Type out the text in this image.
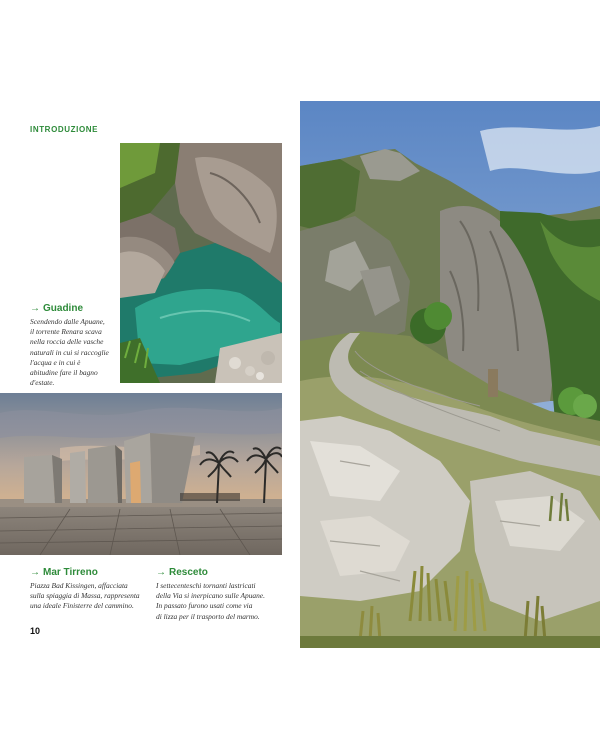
INTRODUZIONE
→ Guadine
Scendendo dalle Apuane,
il torrente Renara scava
nella roccia delle vasche
naturali in cui si raccoglie
l'acqua e in cui è
abitudine fare il bagno
d'estate.
→ Mar Tirreno
Piazza Bad Kissingen, affacciata
sulla spiaggia di Massa, rappresenta
una ideale Finisterre del cammino.
→ Resceto
I settecenteschi tornanti lastricati
della Via si inerpicano sulle Apuane.
In passato furono usati come via
di lizza per il trasporto del marmo.
10
